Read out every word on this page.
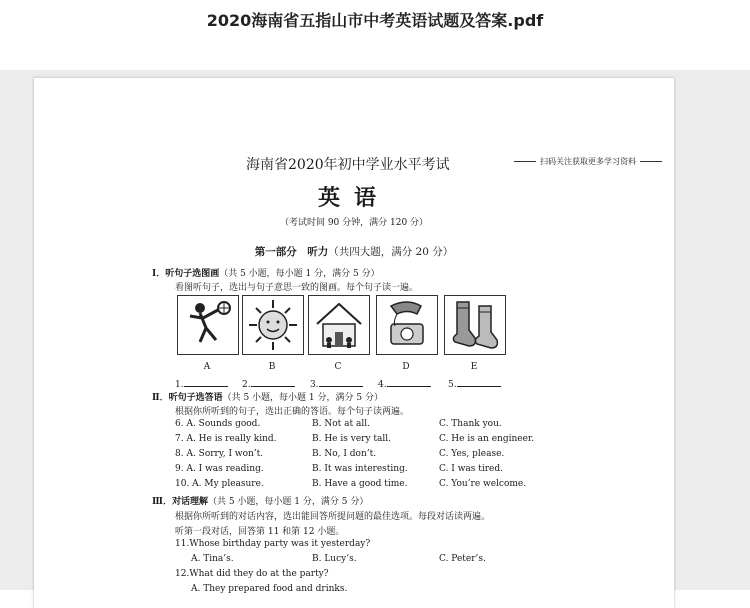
2020海南省五指山市中考英语试题及答案.pdf
海南省2020年初中学业水平考试	扫码关注获取更多学习资料
英语
（考试时间 90 分钟，满分 120 分）
第一部分　听力（共四大题，满分 20 分）
Ⅰ．听句子选图画（共 5 小题，每小题 1 分，满分 5 分）
看图听句子，选出与句子意思一致的图画。每个句子读一遍。
A	B	C	D	E
1.	2.	3.	4.	5.
Ⅱ．听句子选答语（共 5 小题，每小题 1 分，满分 5 分）
根据你所听到的句子，选出正确的答语。每个句子读两遍。
6. A. Sounds good.	B. Not at all.	C. Thank you.
7. A. He is really kind.	B. He is very tall.	C. He is an engineer.
8. A. Sorry, I won’t.	B. No, I don’t.	C. Yes, please.
9. A. I was reading.	B. It was interesting.	C. I was tired.
10. A. My pleasure.	B. Have a good time.	C. You’re welcome.
Ⅲ．对话理解（共 5 小题，每小题 1 分，满分 5 分）
根据你所听到的对话内容，选出能回答所提问题的最佳选项。每段对话读两遍。
听第一段对话，回答第 11 和第 12 小题。
11.Whose birthday party was it yesterday?
A. Tina’s.	B. Lucy’s.	C. Peter’s.
12.What did they do at the party?
A. They prepared food and drinks.
